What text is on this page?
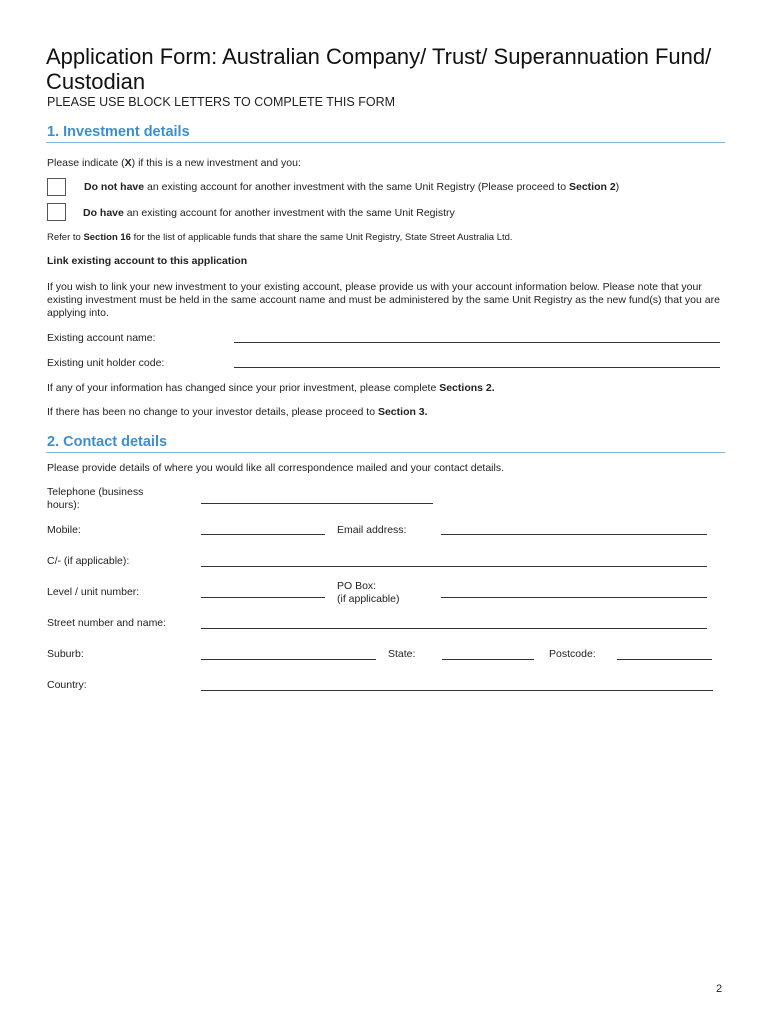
Application Form: Australian Company/ Trust/ Superannuation Fund/ Custodian
PLEASE USE BLOCK LETTERS TO COMPLETE THIS FORM
1. Investment details
Please indicate (X) if this is a new investment and you:
Do not have an existing account for another investment with the same Unit Registry (Please proceed to Section 2)
Do have an existing account for another investment with the same Unit Registry
Refer to Section 16 for the list of applicable funds that share the same Unit Registry, State Street Australia Ltd.
Link existing account to this application
If you wish to link your new investment to your existing account, please provide us with your account information below. Please note that your existing investment must be held in the same account name and must be administered by the same Unit Registry as the new fund(s) that you are applying into.
Existing account name:
Existing unit holder code:
If any of your information has changed since your prior investment, please complete Sections 2.
If there has been no change to your investor details, please proceed to Section 3.
2. Contact details
Please provide details of where you would like all correspondence mailed and your contact details.
Telephone (business
hours):
Mobile:	Email address:
C/- (if applicable):
Level / unit number:	PO Box:
(if applicable)
Street number and name:
Suburb:	State:	Postcode:
Country:
2
